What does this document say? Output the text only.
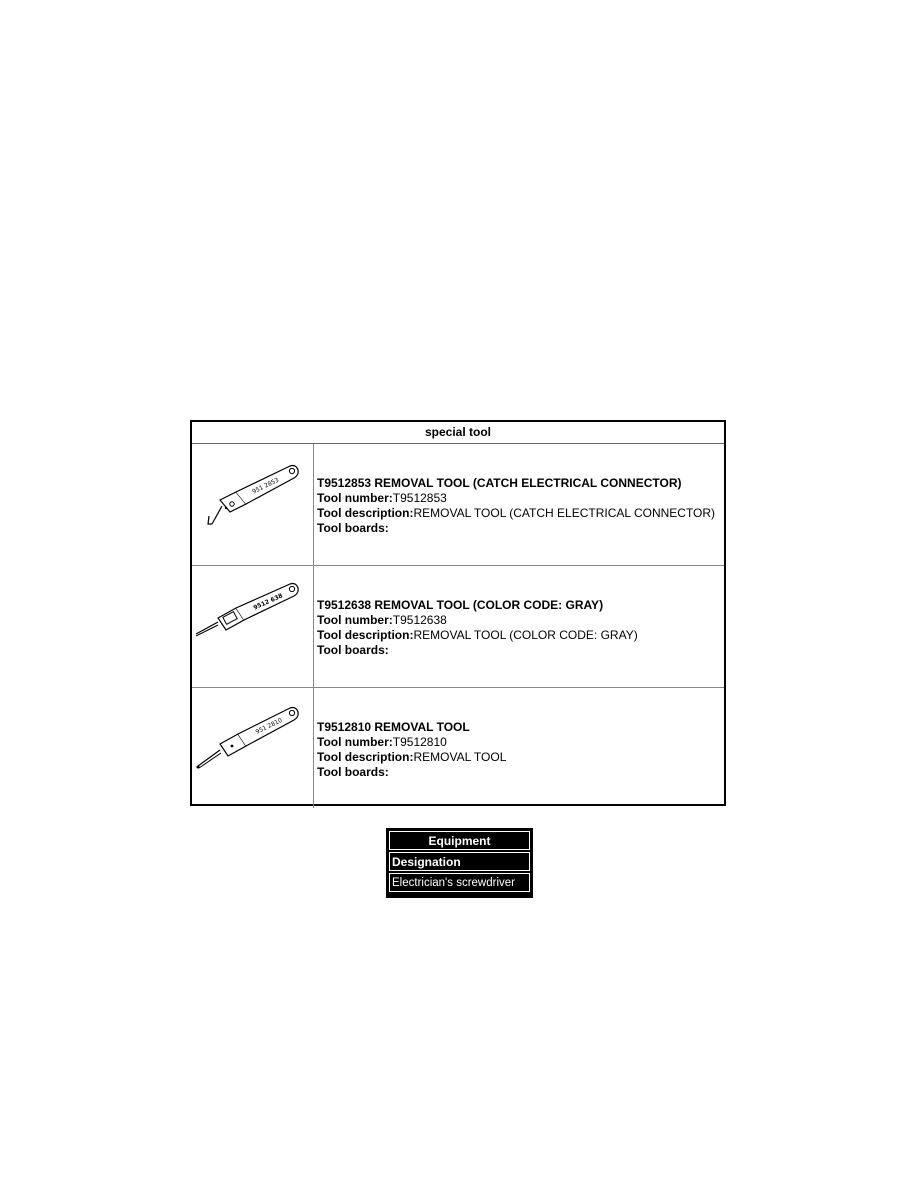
special tool
951 2853	T9512853 REMOVAL TOOL (CATCH ELECTRICAL CONNECTOR)
Tool number:T9512853
Tool description:REMOVAL TOOL (CATCH ELECTRICAL CONNECTOR)
Tool boards:
9512 638	T9512638 REMOVAL TOOL (COLOR CODE: GRAY)
Tool number:T9512638
Tool description:REMOVAL TOOL (COLOR CODE: GRAY)
Tool boards:
951 2810	T9512810 REMOVAL TOOL
Tool number:T9512810
Tool description:REMOVAL TOOL
Tool boards:
Equipment
Designation
Electrician's screwdriver
